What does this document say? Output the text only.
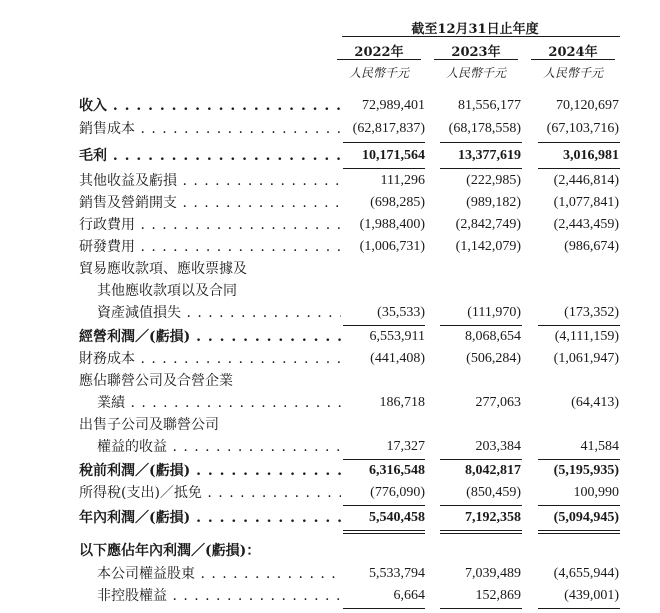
截至12月31日止年度
2022年	2023年	2024年
人民幣千元	人民幣千元	人民幣千元
收入 . . .	72,989,401	81,556,177	70,120,697
銷售成本 . . .	(62,817,837)	(68,178,558)	(67,103,716)
毛利 . . .	10,171,564	13,377,619	3,016,981
其他收益及虧損 . . .	111,296	(222,985)	(2,446,814)
銷售及營銷開支 . . .	(698,285)	(989,182)	(1,077,841)
行政費用 . . .	(1,988,400)	(2,842,749)	(2,443,459)
研發費用 . . .	(1,006,731)	(1,142,079)	(986,674)
貿易應收款項、應收票據及
其他應收款項以及合同
資產減值損失 . . .	(35,533)	(111,970)	(173,352)
經營利潤／(虧損) . . .	6,553,911	8,068,654	(4,111,159)
財務成本 . . .	(441,408)	(506,284)	(1,061,947)
應佔聯營公司及合營企業
業績 . . .	186,718	277,063	(64,413)
出售子公司及聯營公司
權益的收益 . . .	17,327	203,384	41,584
稅前利潤／(虧損) . . .	6,316,548	8,042,817	(5,195,935)
所得稅(支出)／抵免 . . .	(776,090)	(850,459)	100,990
年內利潤／(虧損) . . .	5,540,458	7,192,358	(5,094,945)
以下應佔年內利潤／(虧損)：
本公司權益股東 . . .	5,533,794	7,039,489	(4,655,944)
非控股權益 . . .	6,664	152,869	(439,001)
